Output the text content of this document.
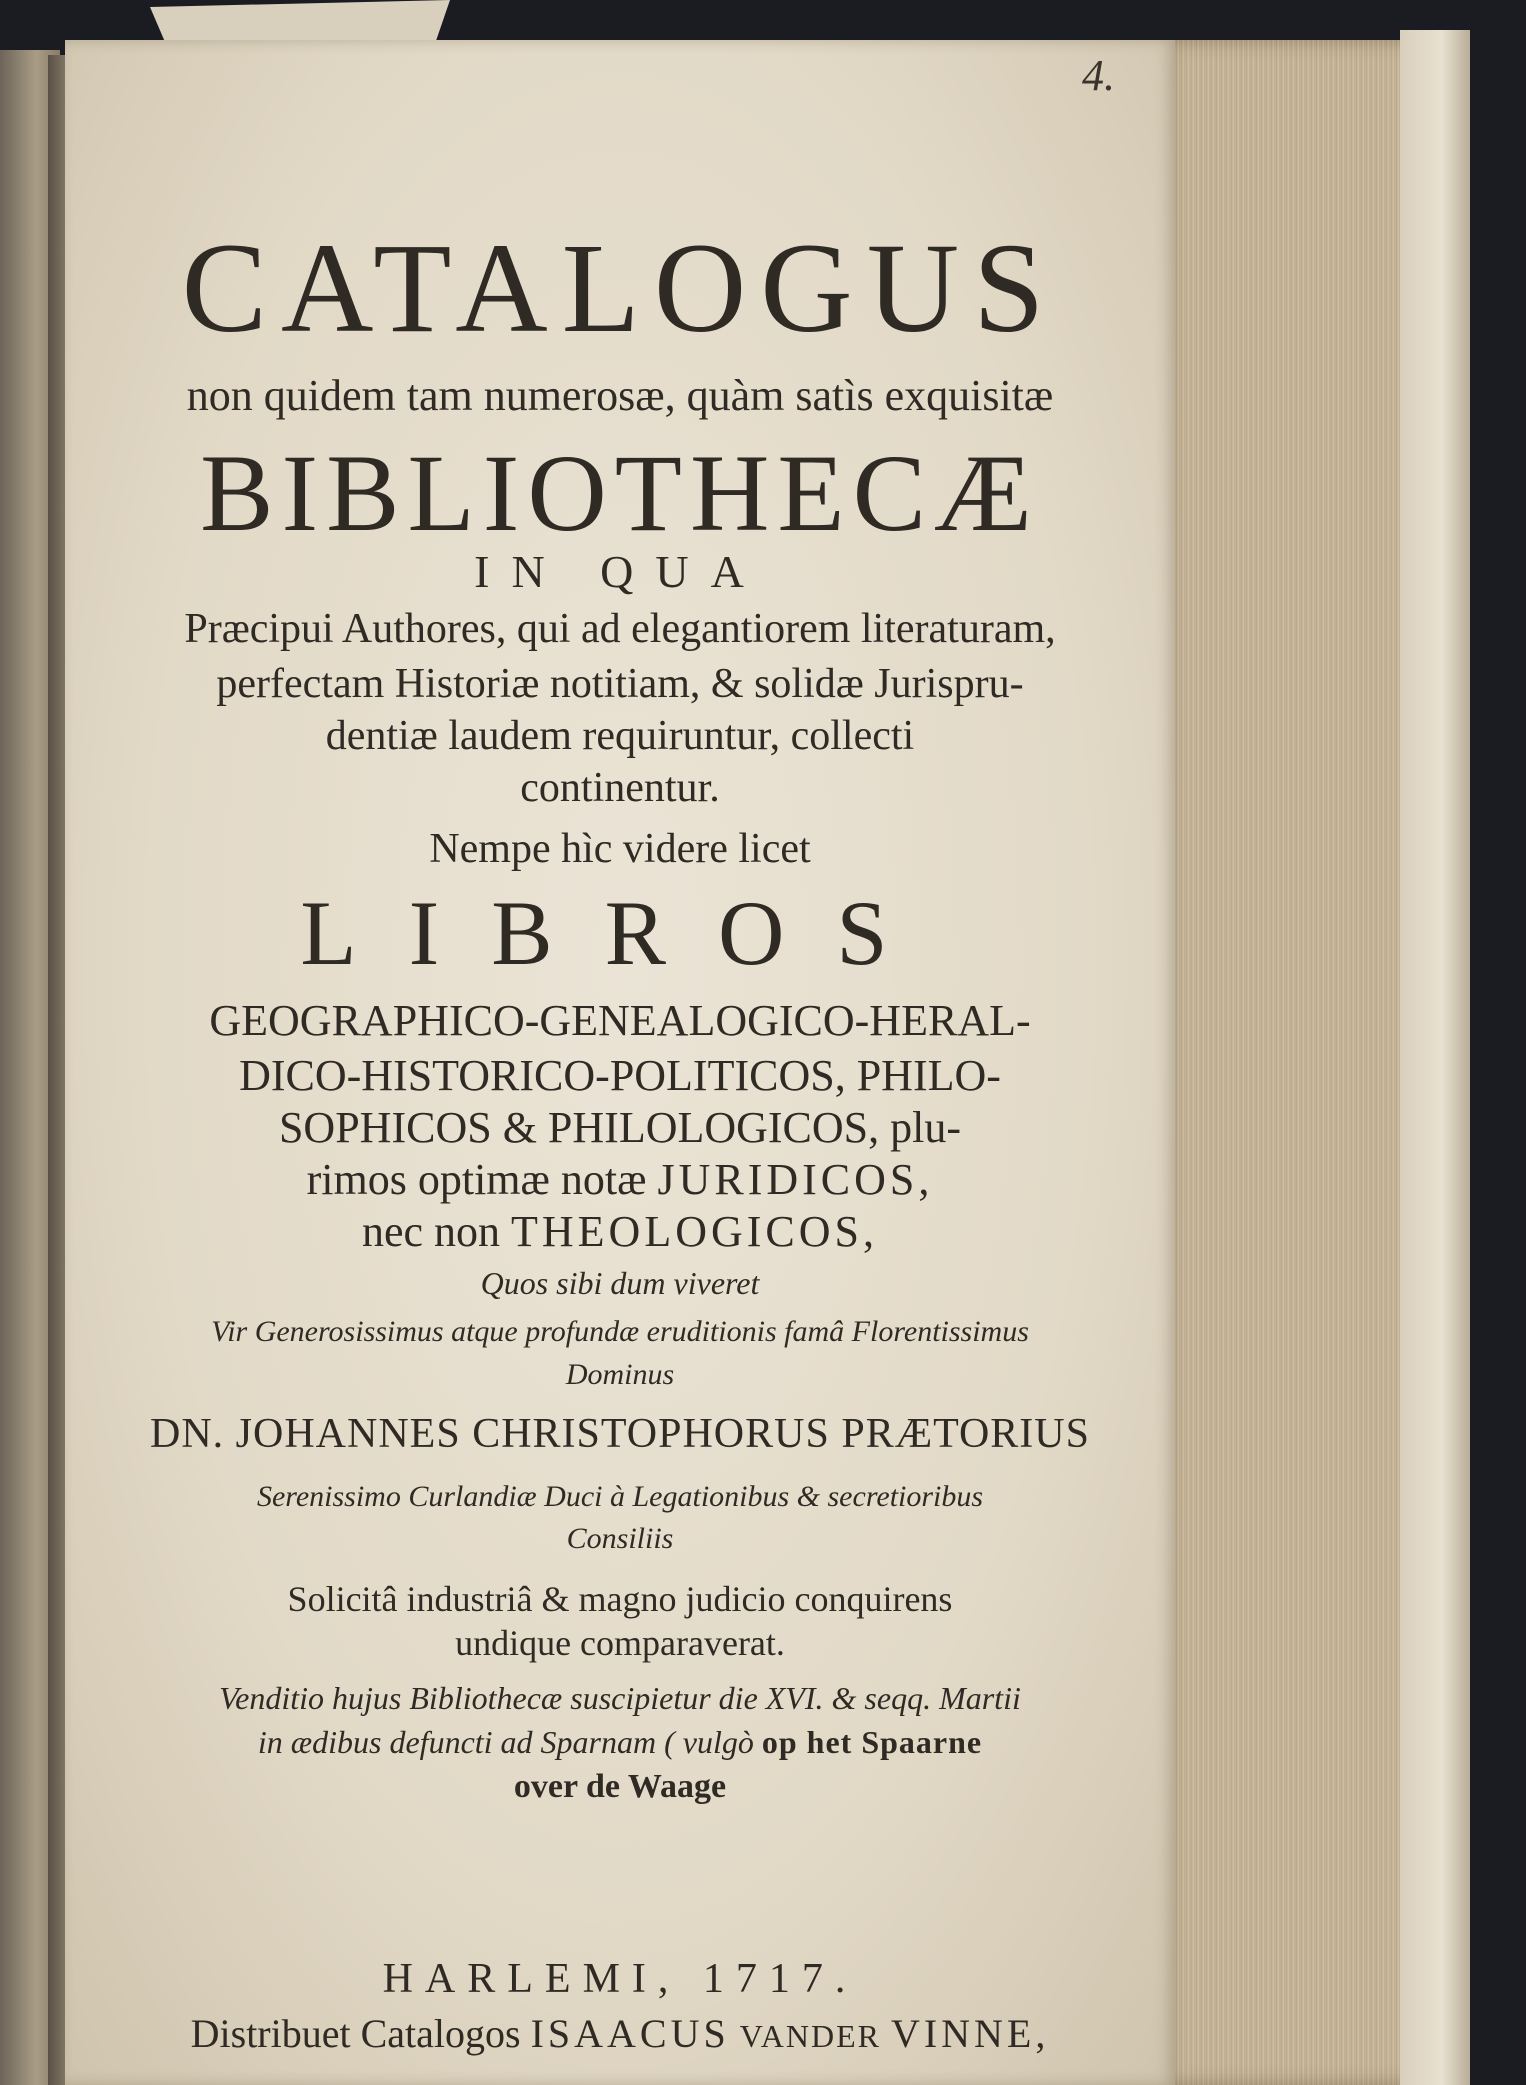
4.
CATALOGUS
non quidem tam numerosæ, quàm satìs exquisitæ
BIBLIOTHECÆ
IN QUA
Præcipui Authores, qui ad elegantiorem literaturam,
perfectam Historiæ notitiam, & solidæ Jurispru-
dentiæ laudem requiruntur, collecti
continentur.
Nempe hìc videre licet
LIBROS
GEOGRAPHICO-GENEALOGICO-HERAL-
DICO-HISTORICO-POLITICOS, PHILO-
SOPHICOS & PHILOLOGICOS, plu-
rimos optimæ notæ JURIDICOS,
nec non THEOLOGICOS,
Quos sibi dum viveret
Vir Generosissimus atque profundæ eruditionis famâ Florentissimus
Dominus
DN. JOHANNES CHRISTOPHORUS PRÆTORIUS
Serenissimo Curlandiæ Duci à Legationibus & secretioribus
Consiliis
Solicitâ industriâ & magno judicio conquirens
undique comparaverat.
Venditio hujus Bibliothecæ suscipietur die XVI. & seqq. Martii
in ædibus defuncti ad Sparnam ( vulgò op het Spaarne
over de Waage
HARLEMI, 1717.
Distribuet Catalogos ISAACUS VANDER VINNE,
